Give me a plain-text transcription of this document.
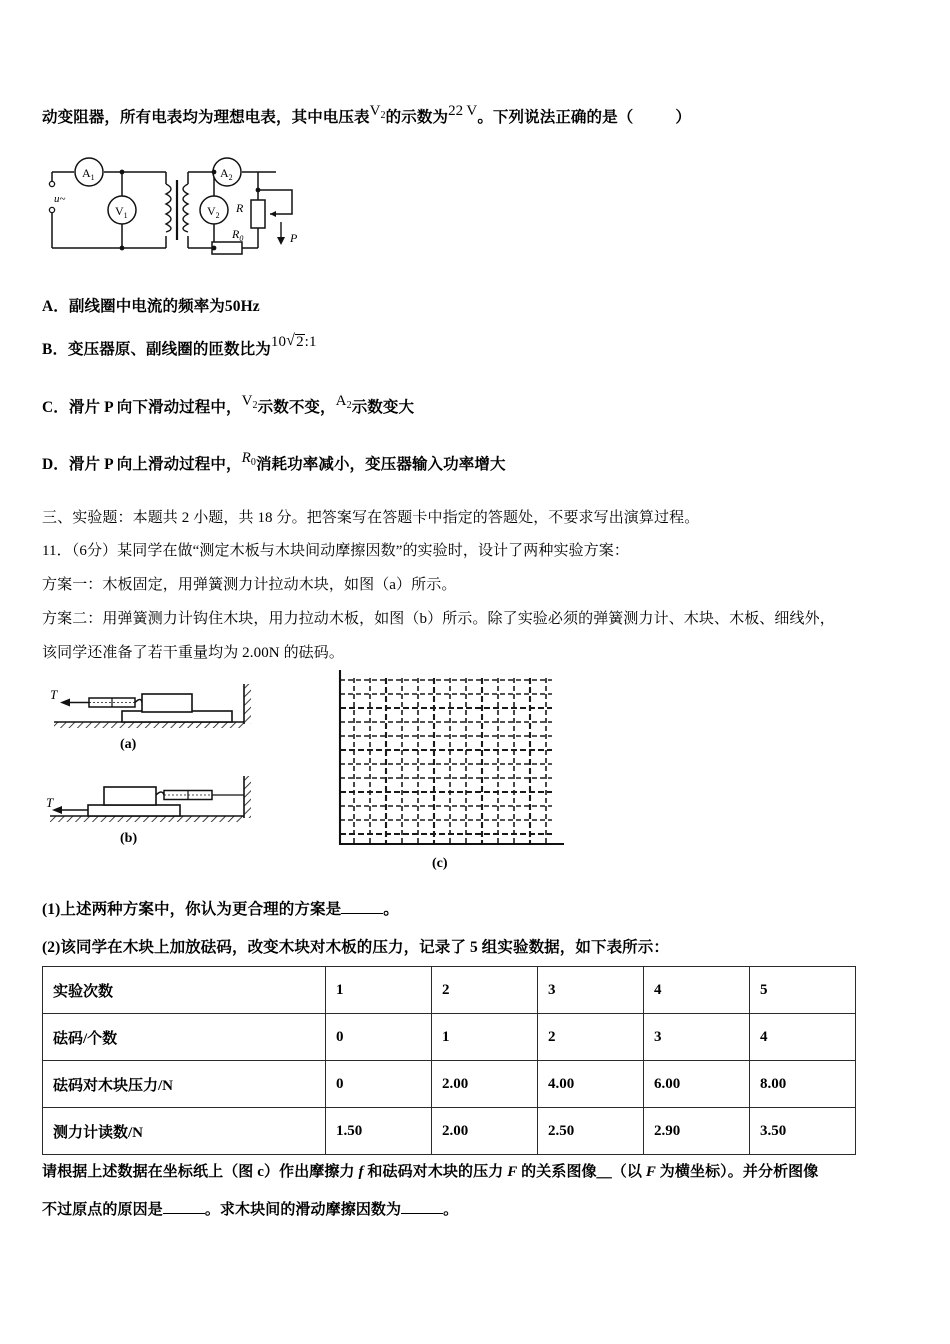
动变阻器，所有电表均为理想电表，其中电压表$V_2$的示数为22  V。下列说法正确的是（	）
u~
$A_1$
$V_1$
$A_2$
$V_2$
R
$R_0$	P
A．副线圈中电流的频率为50Hz
B．变压器原、副线圈的匝数比为10 √ 2:1
C．滑片 P 向下滑动过程中，$V_2$示数不变，$A_2$示数变大
D．滑片 P 向上滑动过程中，$R_0$消耗功率减小，变压器输入功率增大
三、实验题：本题共 2 小题，共 18 分。把答案写在答题卡中指定的答题处，不要求写出演算过程。
11．（6分）某同学在做“测定木板与木块间动摩擦因数”的实验时，设计了两种实验方案：
方案一：木板固定，用弹簧测力计拉动木块，如图（a）所示。
方案二：用弹簧测力计钩住木块，用力拉动木板，如图（b）所示。除了实验必须的弹簧测力计、木块、木板、细线外，
该同学还准备了若干重量均为 2.00N 的砝码。
T
(a)
T
(b)
(c)
(1)上述两种方案中，你认为更合理的方案是	。
(2)该同学在木块上加放砝码，改变木块对木板的压力，记录了 5 组实验数据，如下表所示：
实验次数	1	2	3	4	5
砝码/个数	0	1	2	3	4
砝码对木块压力/N	0	2.00	4.00	6.00	8.00
测力计读数/N	1.50	2.00	2.50	2.90	3.50
请根据上述数据在坐标纸上（图 c）作出摩擦力 f 和砝码对木块的压力 F 的关系图像＿（以 F 为横坐标）。并分析图像
不过原点的原因是	。求木块间的滑动摩擦因数为	。
